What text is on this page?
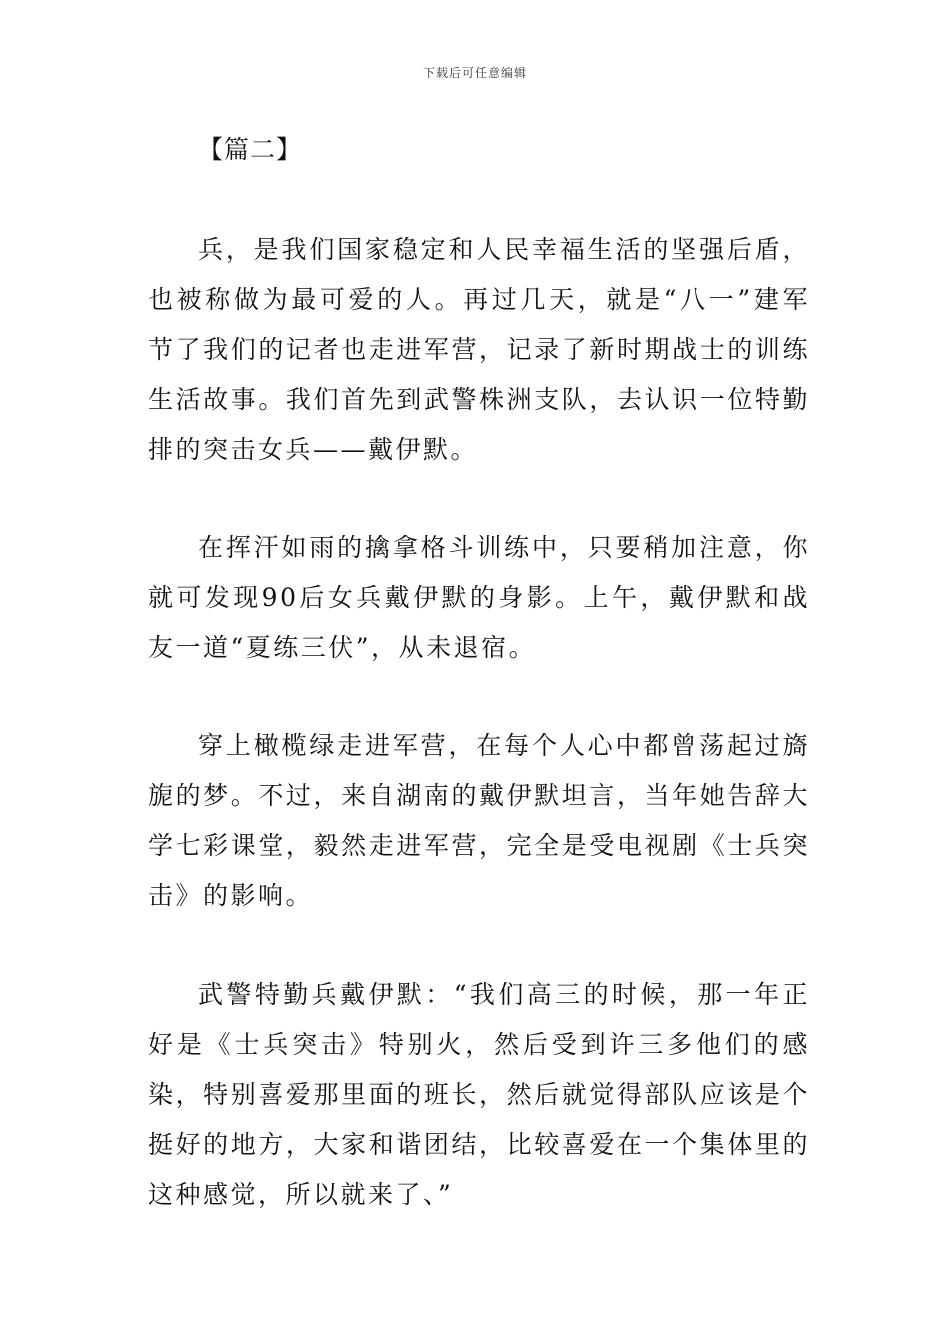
下载后可任意编辑
【篇二】

兵，是我们国家稳定和人民幸福生活的坚强后盾，也被称做为最可爱的人。再过几天，就是“八一”建军节了我们的记者也走进军营，记录了新时期战士的训练生活故事。我们首先到武警株洲支队，去认识一位特勤排的突击女兵——戴伊默。

在挥汗如雨的擒拿格斗训练中，只要稍加注意，你就可发现90后女兵戴伊默的身影。上午，戴伊默和战友一道“夏练三伏”，从未退宿。

穿上橄榄绿走进军营，在每个人心中都曾荡起过旖旎的梦。不过，来自湖南的戴伊默坦言，当年她告辞大学七彩课堂，毅然走进军营，完全是受电视剧《士兵突击》的影响。

武警特勤兵戴伊默：“我们高三的时候，那一年正好是《士兵突击》特别火，然后受到许三多他们的感染，特别喜爱那里面的班长，然后就觉得部队应该是个挺好的地方，大家和谐团结，比较喜爱在一个集体里的这种感觉，所以就来了、”
